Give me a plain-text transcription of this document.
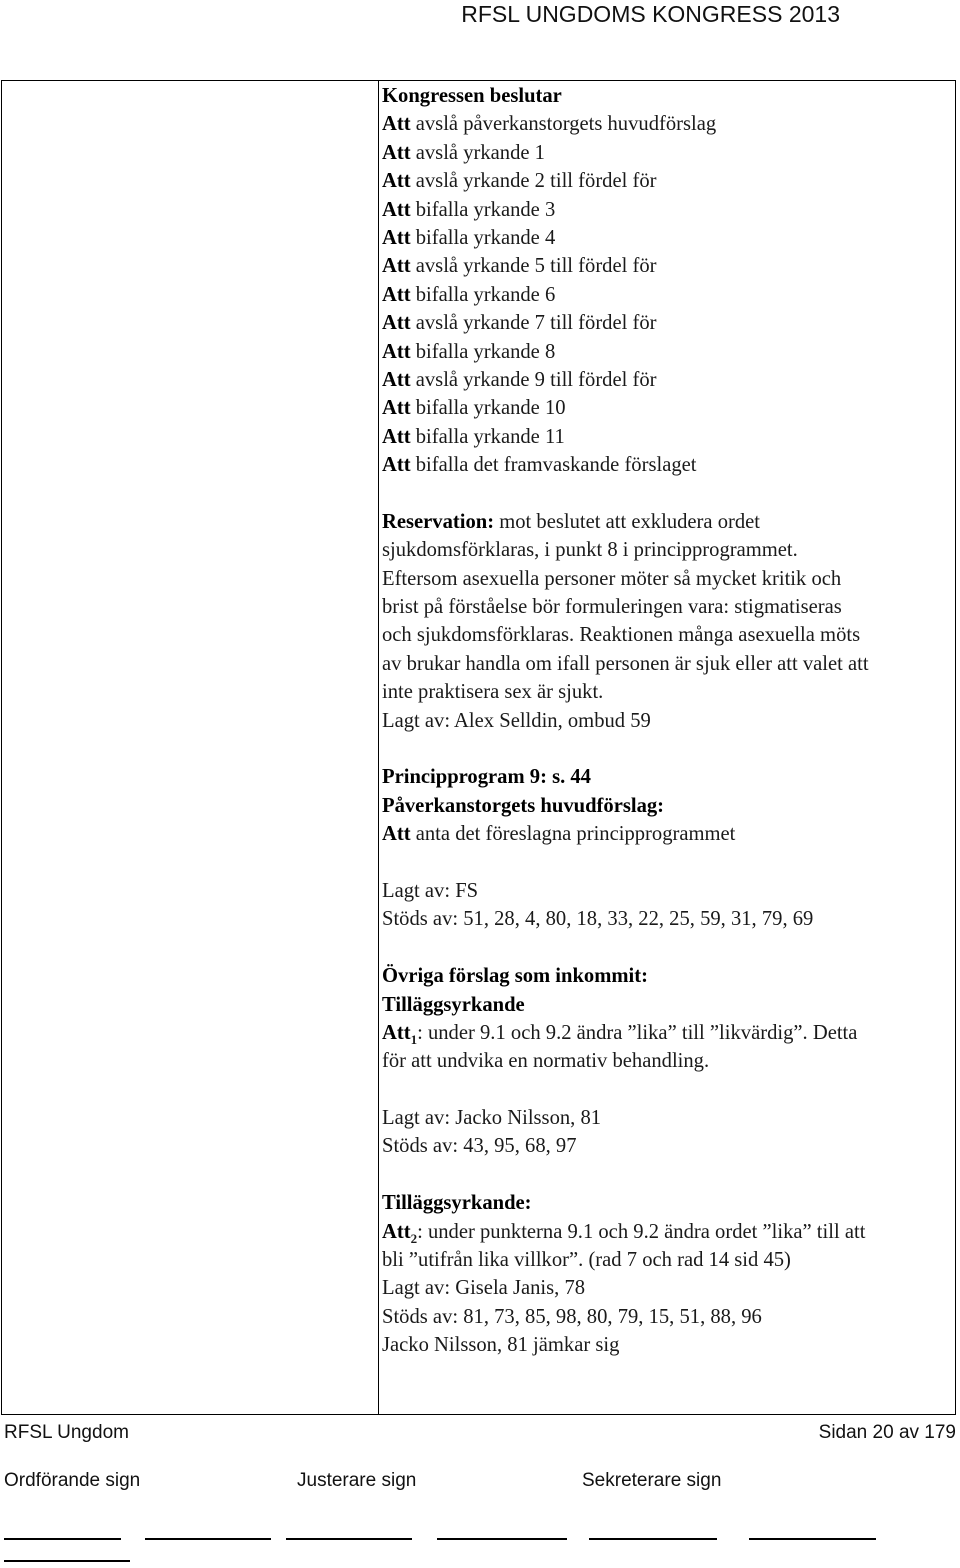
RFSL UNGDOMS KONGRESS 2013
Kongressen beslutar
Att avslå påverkanstorgets huvudförslag
Att avslå yrkande 1
Att avslå yrkande 2 till fördel för
Att bifalla yrkande 3
Att bifalla yrkande 4
Att avslå yrkande 5 till fördel för
Att bifalla yrkande 6
Att avslå yrkande 7 till fördel för
Att bifalla yrkande 8
Att avslå yrkande 9 till fördel för
Att bifalla yrkande 10
Att bifalla yrkande 11
Att bifalla det framvaskande förslaget
Reservation: mot beslutet att exkludera ordet
sjukdomsförklaras, i punkt 8 i principprogrammet.
Eftersom asexuella personer möter så mycket kritik och
brist på förståelse bör formuleringen vara: stigmatiseras
och sjukdomsförklaras. Reaktionen många asexuella möts
av brukar handla om ifall personen är sjuk eller att valet att
inte praktisera sex är sjukt.
Lagt av: Alex Selldin, ombud 59
Principprogram 9: s. 44
Påverkanstorgets huvudförslag:
Att anta det föreslagna principprogrammet
Lagt av: FS
Stöds av: 51, 28, 4, 80, 18, 33, 22, 25, 59, 31, 79, 69
Övriga förslag som inkommit:
Tilläggsyrkande
Att$_1$: under 9.1 och 9.2 ändra ”lika” till ”likvärdig”. Detta
för att undvika en normativ behandling.
Lagt av: Jacko Nilsson, 81
Stöds av: 43, 95, 68, 97
Tilläggsyrkande:
Att$_2$: under punkterna 9.1 och 9.2 ändra ordet ”lika” till att
bli ”utifrån lika villkor”. (rad 7 och rad 14 sid 45)
Lagt av: Gisela Janis, 78
Stöds av: 81, 73, 85, 98, 80, 79, 15, 51, 88, 96
Jacko Nilsson, 81 jämkar sig
RFSL Ungdom	Sidan 20 av 179
Ordförande sign	Justerare sign	Sekreterare sign
